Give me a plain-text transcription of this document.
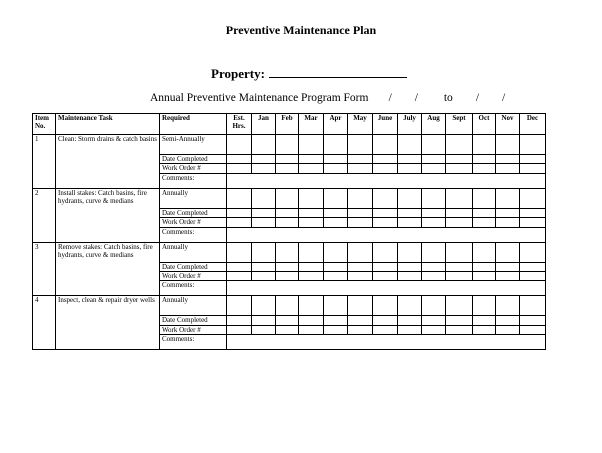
Preventive Maintenance Plan
Property:
Annual Preventive Maintenance Program Form / / to / /
Item No.	Maintenance Task	Required	Est. Hrs.	Jan	Feb	Mar	Apr	May	June	July	Aug	Sept	Oct	Nov	Dec
1	Clean: Storm drains & catch basins	Semi-Annually													
		Date Completed													
		Work Order #													
		Comments:													
2	Install stakes: Catch basins, fire hydrants, curve & medians	Annually													
		Date Completed													
		Work Order #													
		Comments:													
3	Remove stakes: Catch basins, fire hydrants, curve & medians	Annually													
		Date Completed													
		Work Order #													
		Comments:													
4	Inspect, clean & repair dryer wells	Annually													
		Date Completed													
		Work Order #													
		Comments:													
